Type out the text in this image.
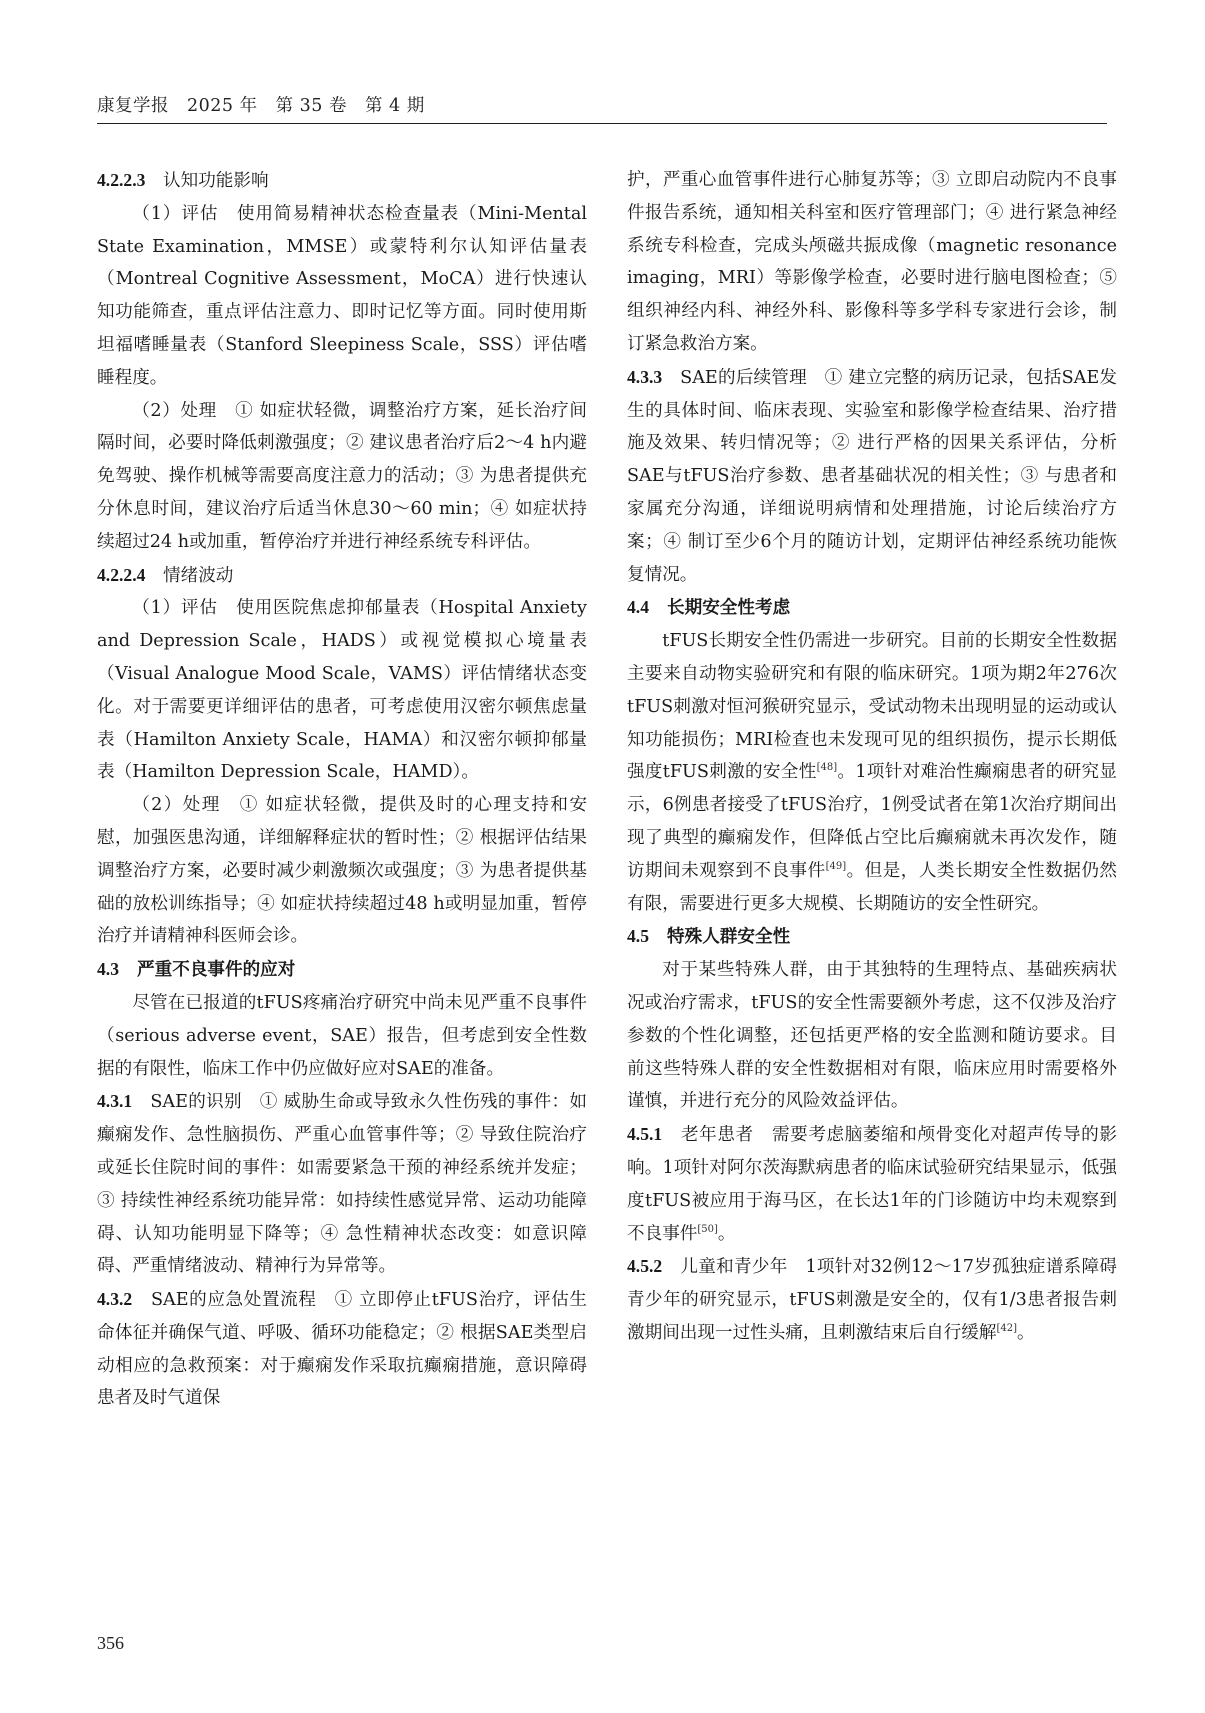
康复学报　2025 年　第 35 卷　第 4 期

4.2.2.3　 认知功能影响

（1）评估　使用简易精神状态检查量表（Mini-Mental State Examination，MMSE）或蒙特利尔认知评估量表（Montreal Cognitive Assessment，MoCA）进行快速认知功能筛查，重点评估注意力、即时记忆等方面。同时使用斯坦福嗜睡量表（Stanford Sleepiness Scale，SSS）评估嗜睡程度。

（2）处理　① 如症状轻微，调整治疗方案，延长治疗间隔时间，必要时降低刺激强度；② 建议患者治疗后2～4 h内避免驾驶、操作机械等需要高度注意力的活动；③ 为患者提供充分休息时间，建议治疗后适当休息30～60 min；④ 如症状持续超过24 h或加重，暂停治疗并进行神经系统专科评估。

4.2.2.4　 情绪波动

（1）评估　使用医院焦虑抑郁量表（Hospital Anxiety and Depression Scale，HADS）或视觉模拟心境量表（Visual Analogue Mood Scale，VAMS）评估情绪状态变化。对于需要更详细评估的患者，可考虑使用汉密尔顿焦虑量表（Hamilton Anxiety Scale，HAMA）和汉密尔顿抑郁量表（Hamilton Depression Scale，HAMD）。

（2）处理　① 如症状轻微，提供及时的心理支持和安慰，加强医患沟通，详细解释症状的暂时性；② 根据评估结果调整治疗方案，必要时减少刺激频次或强度；③ 为患者提供基础的放松训练指导；④ 如症状持续超过48 h或明显加重，暂停治疗并请精神科医师会诊。

4.3 严重不良事件的应对

尽管在已报道的tFUS疼痛治疗研究中尚未见严重不良事件（serious adverse event，SAE）报告，但考虑到安全性数据的有限性，临床工作中仍应做好应对SAE的准备。

4.3.1　 SAE的识别　 ① 威胁生命或导致永久性伤残的事件：如癫痫发作、急性脑损伤、严重心血管事件等；② 导致住院治疗或延长住院时间的事件：如需要紧急干预的神经系统并发症；③ 持续性神经系统功能异常：如持续性感觉异常、运动功能障碍、认知功能明显下降等；④ 急性精神状态改变：如意识障碍、严重情绪波动、精神行为异常等。

4.3.2　 SAE的应急处置流程　 ① 立即停止tFUS治疗，评估生命体征并确保气道、呼吸、循环功能稳定；② 根据SAE类型启动相应的急救预案：对于癫痫发作采取抗癫痫措施，意识障碍患者及时气道保

护，严重心血管事件进行心肺复苏等；③ 立即启动院内不良事件报告系统，通知相关科室和医疗管理部门；④ 进行紧急神经系统专科检查，完成头颅磁共振成像（magnetic resonance imaging，MRI）等影像学检查，必要时进行脑电图检查；⑤ 组织神经内科、神经外科、影像科等多学科专家进行会诊，制订紧急救治方案。

4.3.3　 SAE的后续管理　 ① 建立完整的病历记录，包括SAE发生的具体时间、临床表现、实验室和影像学检查结果、治疗措施及效果、转归情况等；② 进行严格的因果关系评估，分析SAE与tFUS治疗参数、患者基础状况的相关性；③ 与患者和家属充分沟通，详细说明病情和处理措施，讨论后续治疗方案；④ 制订至少6个月的随访计划，定期评估神经系统功能恢复情况。

4.4 长期安全性考虑

tFUS长期安全性仍需进一步研究。目前的长期安全性数据主要来自动物实验研究和有限的临床研究。1项为期2年276次tFUS刺激对恒河猴研究显示，受试动物未出现明显的运动或认知功能损伤；MRI检查也未发现可见的组织损伤，提示长期低强度tFUS刺激的安全性[48]。1项针对难治性癫痫患者的研究显示，6例患者接受了tFUS治疗，1例受试者在第1次治疗期间出现了典型的癫痫发作，但降低占空比后癫痫就未再次发作，随访期间未观察到不良事件[49]。但是，人类长期安全性数据仍然有限，需要进行更多大规模、长期随访的安全性研究。

4.5 特殊人群安全性

对于某些特殊人群，由于其独特的生理特点、基础疾病状况或治疗需求，tFUS的安全性需要额外考虑，这不仅涉及治疗参数的个性化调整，还包括更严格的安全监测和随访要求。目前这些特殊人群的安全性数据相对有限，临床应用时需要格外谨慎，并进行充分的风险效益评估。

4.5.1　 老年患者　 需要考虑脑萎缩和颅骨变化对超声传导的影响。1项针对阿尔茨海默病患者的临床试验研究结果显示，低强度tFUS被应用于海马区，在长达1年的门诊随访中均未观察到不良事件[50]。

4.5.2　 儿童和青少年　 1项针对32例12～17岁孤独症谱系障碍青少年的研究显示，tFUS刺激是安全的，仅有1/3患者报告刺激期间出现一过性头痛，且刺激结束后自行缓解[42]。

356
